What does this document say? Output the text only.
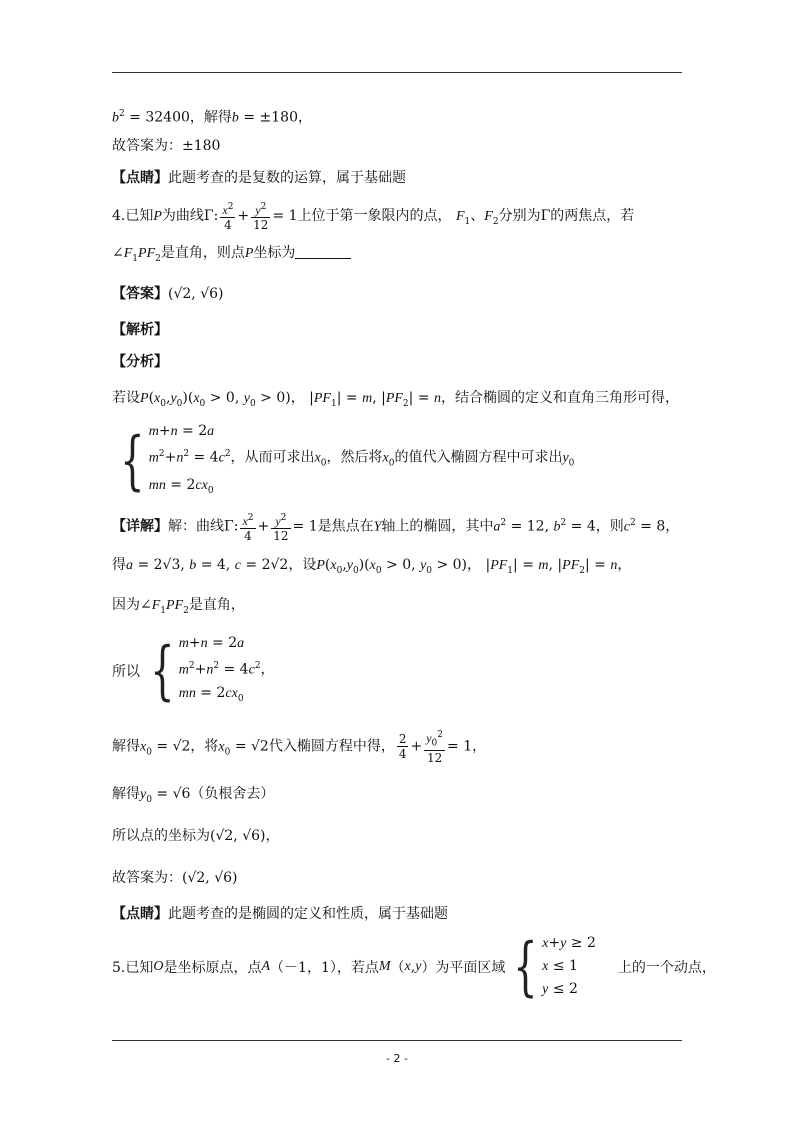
$b^2 = 32400$，解得b = ±180，
故答案为：±180
【点睛】此题考查的是复数的运算，属于基础题
4.已知P为曲线Γ: $\frac{x^2}{4} + \frac{y^2}{12} = 1$上位于第一象限内的点， $F_1$、$F_2$分别为Γ的两焦点，若
$\angle F_1PF_2$是直角，则点P坐标为
【答案】(√2, √6)
【解析】
【分析】
若设$P(x_0,y_0)(x_0 > 0$, $y_0 > 0$)， $|PF_1| = m$, $|PF_2| = n$，结合椭圆的定义和直角三角形可得，
{ m+n = 2a
$m^2+n^2 = 4c^2$，从而可求出$x_0$，然后将$x_0$的值代入椭圆方程中可求出$y_0$
mn = $2cx_0$
【详解】解：曲线Γ: $\frac{x^2}{4} + \frac{y^2}{12} = 1$是焦点在Y轴上的椭圆，其中$a^2 = 12$, $b^2 = 4$，则$c^2 = 8$，
得a = 2√3, b = 4, c = 2√2，设$P(x_0,y_0)(x_0 > 0$, $y_0 > 0$)， $|PF_1| = m$, $|PF_2| = n$，
因为$\angle F_1PF_2$是直角，
所以 { m+n = 2a
$m^2+n^2 = 4c^2$，
mn = $2cx_0$
解得$x_0 = √2$，将$x_0 = √2$代入椭圆方程中得， $\frac{2}{4} + \frac{y_0^2}{12} = 1$，
解得$y_0 = √6$（负根舍去）
所以点的坐标为(√2, √6)，
故答案为：(√2, √6)
【点睛】此题考查的是椭圆的定义和性质，属于基础题
5.已知 O 是坐标原点，点 A （－1，1），若点 M （ x , y ）为平面区域 { x+y ≥ 2
x ≤ 1
y ≤ 2
上的一个动点，
- 2 -
